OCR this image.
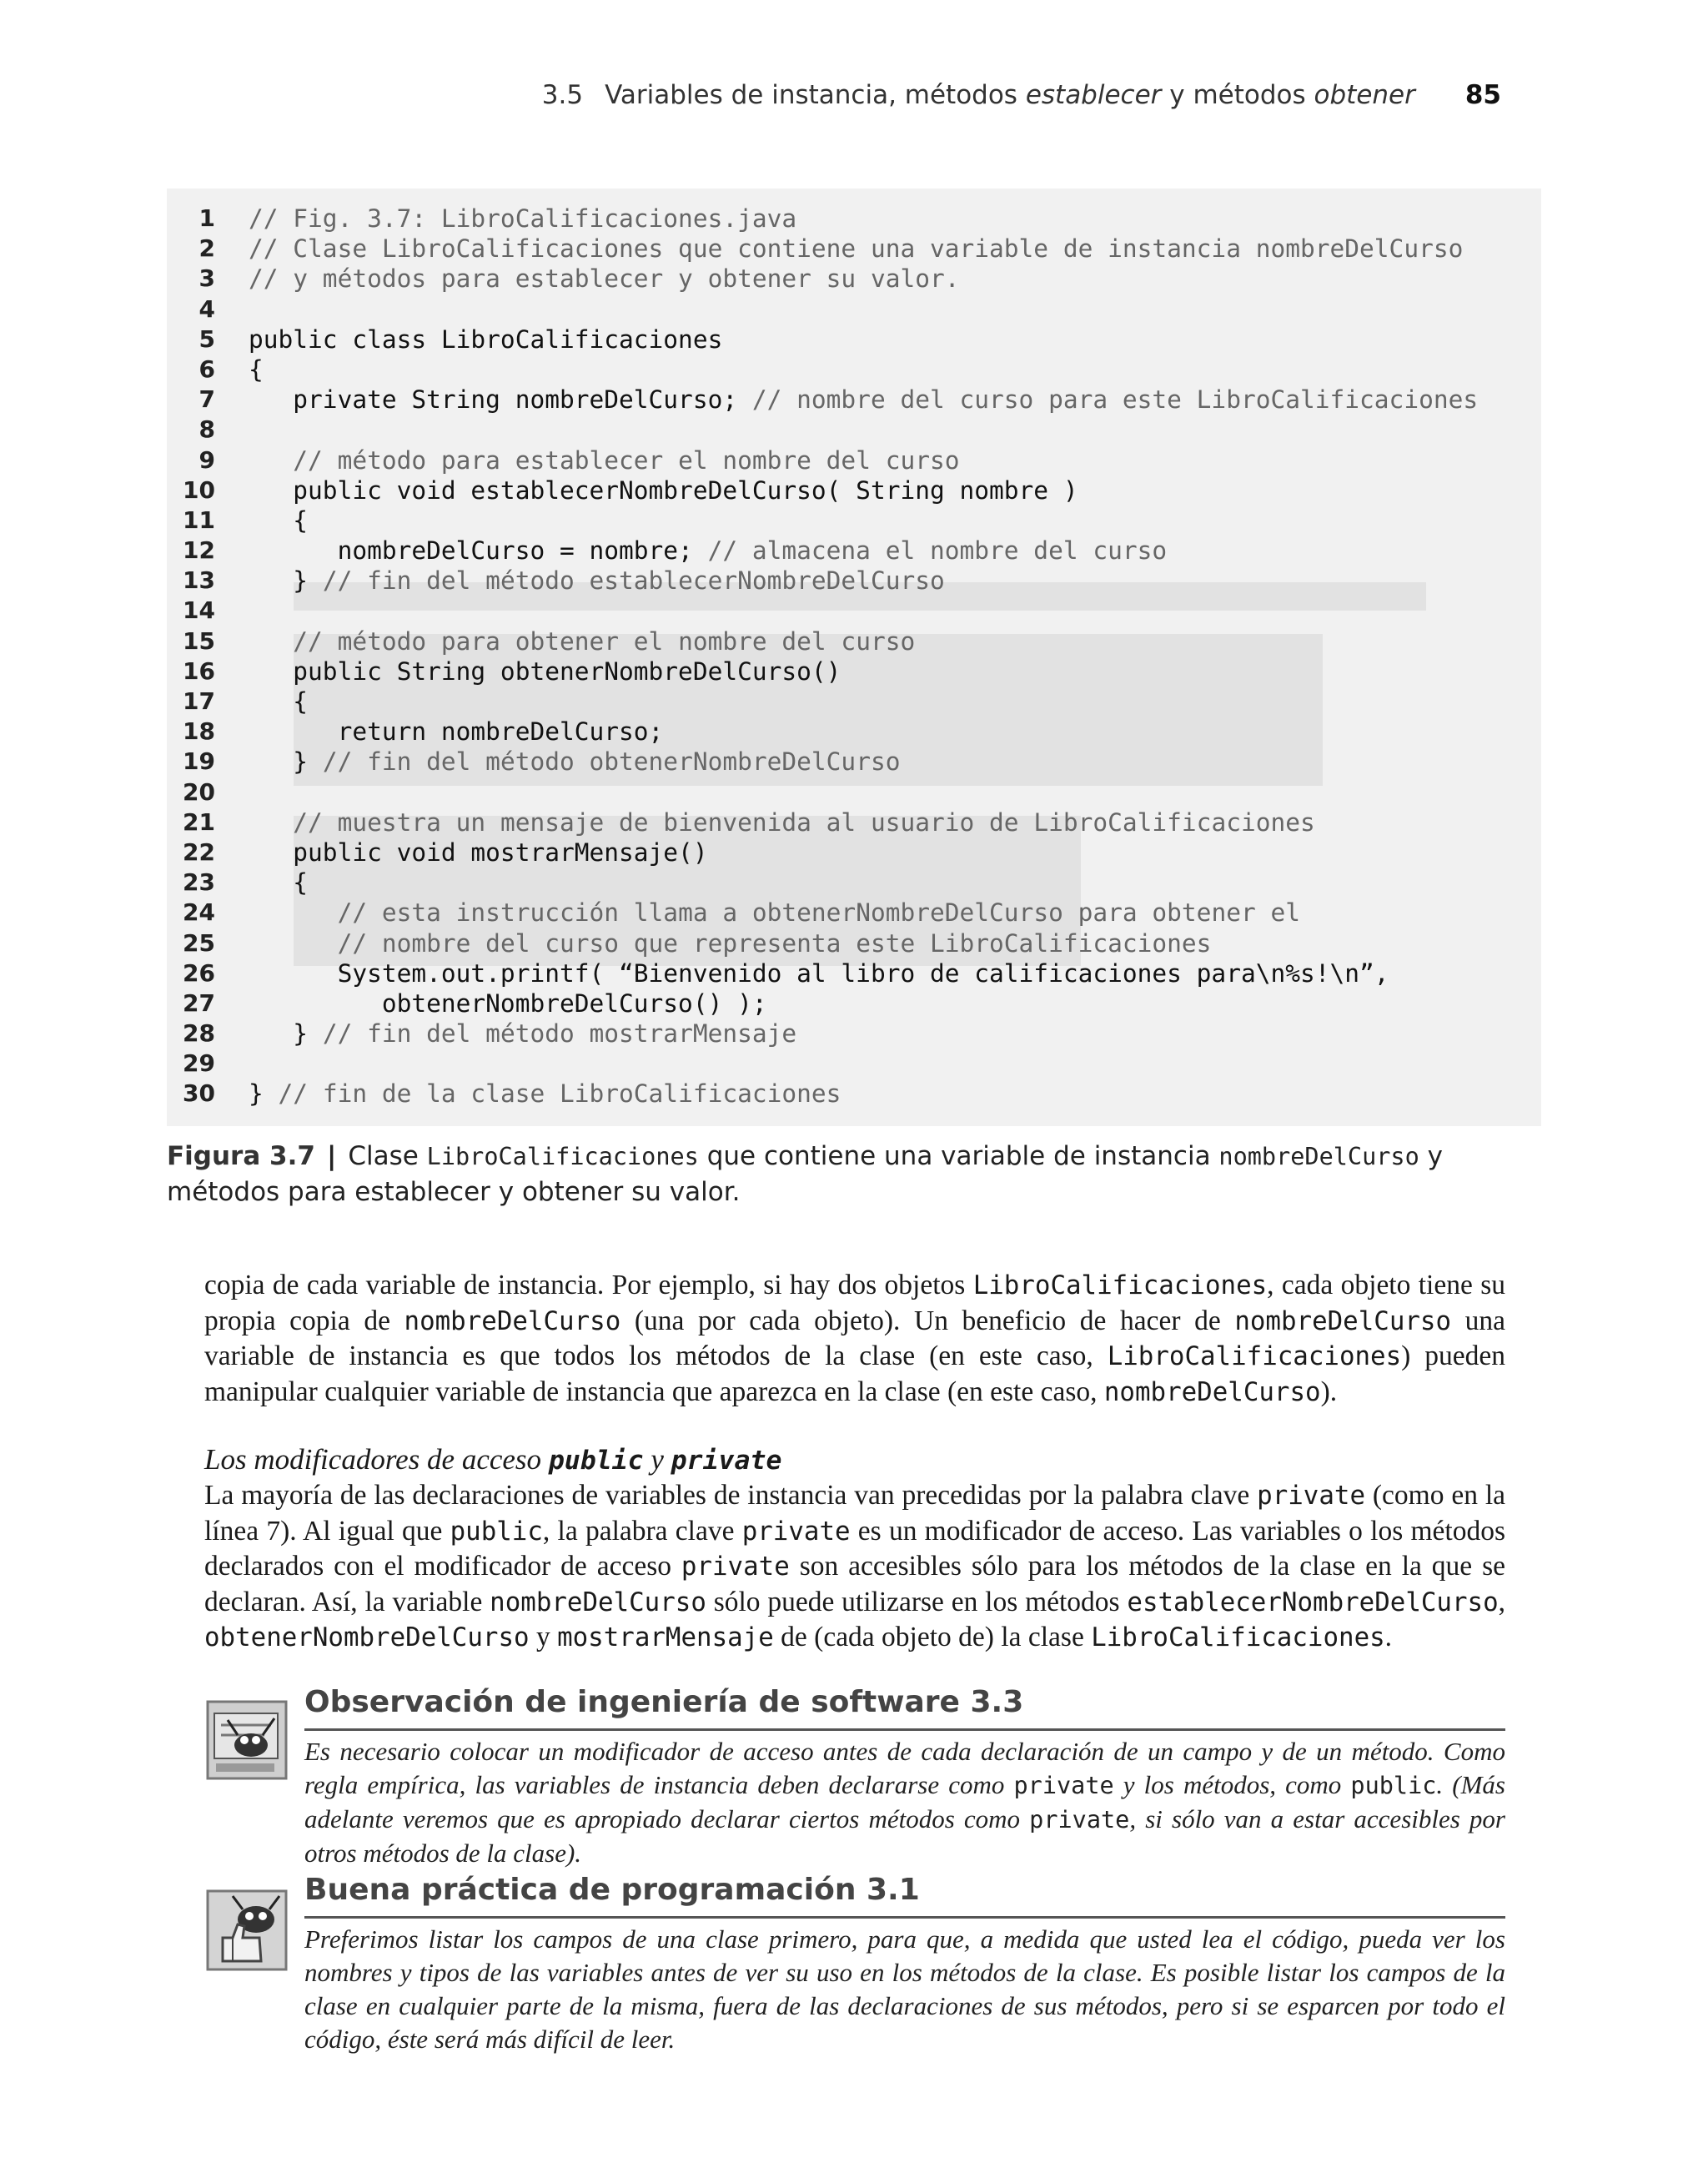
3.5 Variables de instancia, métodos establecer y métodos obtener 85
1 // Fig. 3.7: LibroCalificaciones.java
2 // Clase LibroCalificaciones que contiene una variable de instancia nombreDelCurso
3 // y métodos para establecer y obtener su valor.
4
5 public class LibroCalificaciones
6 {
7 private String nombreDelCurso; // nombre del curso para este LibroCalificaciones
8
9	// método para establecer el nombre del curso
10 public void establecerNombreDelCurso( String nombre )
11 {
12 nombreDelCurso = nombre; // almacena el nombre del curso
13 } // fin del método establecerNombreDelCurso
14
15	// método para obtener el nombre del curso
16 public String obtenerNombreDelCurso()
17 {
18 return nombreDelCurso;
19 } // fin del método obtenerNombreDelCurso
20
21	// muestra un mensaje de bienvenida al usuario de LibroCalificaciones
22 public void mostrarMensaje()
23 {
24	// esta instrucción llama a obtenerNombreDelCurso para obtener el
25	// nombre del curso que representa este LibroCalificaciones
26 System.out.printf( “Bienvenido al libro de calificaciones para\n%s!\n”,
27 obtenerNombreDelCurso() );
28 } // fin del método mostrarMensaje
29
30 } // fin de la clase LibroCalificaciones
Figura 3.7 | Clase LibroCalificaciones que contiene una variable de instancia nombreDelCurso y métodos para establecer y obtener su valor.
copia de cada variable de instancia. Por ejemplo, si hay dos objetos LibroCalificaciones, cada objeto tiene su propia copia de nombreDelCurso (una por cada objeto). Un beneficio de hacer de nombreDelCurso una variable de instancia es que todos los métodos de la clase (en este caso, LibroCalificaciones) pueden manipular cualquier variable de instancia que aparezca en la clase (en este caso, nombreDelCurso).
Los modificadores de acceso public y private
La mayoría de las declaraciones de variables de instancia van precedidas por la palabra clave private (como en la línea 7). Al igual que public, la palabra clave private es un modificador de acceso. Las variables o los métodos declarados con el modificador de acceso private son accesibles sólo para los métodos de la clase en la que se declaran. Así, la variable nombreDelCurso sólo puede utilizarse en los métodos establecerNombreDelCurso, obtenerNombreDelCurso y mostrarMensaje de (cada objeto de) la clase LibroCalificaciones.
Observación de ingeniería de software 3.3
Es necesario colocar un modificador de acceso antes de cada declaración de un campo y de un método. Como regla empírica, las variables de instancia deben declararse como private y los métodos, como public. (Más adelante veremos que es apropiado declarar ciertos métodos como private, si sólo van a estar accesibles por otros métodos de la clase).
Buena práctica de programación 3.1
Preferimos listar los campos de una clase primero, para que, a medida que usted lea el código, pueda ver los nombres y tipos de las variables antes de ver su uso en los métodos de la clase. Es posible listar los campos de la clase en cualquier parte de la misma, fuera de las declaraciones de sus métodos, pero si se esparcen por todo el código, éste será más difícil de leer.
